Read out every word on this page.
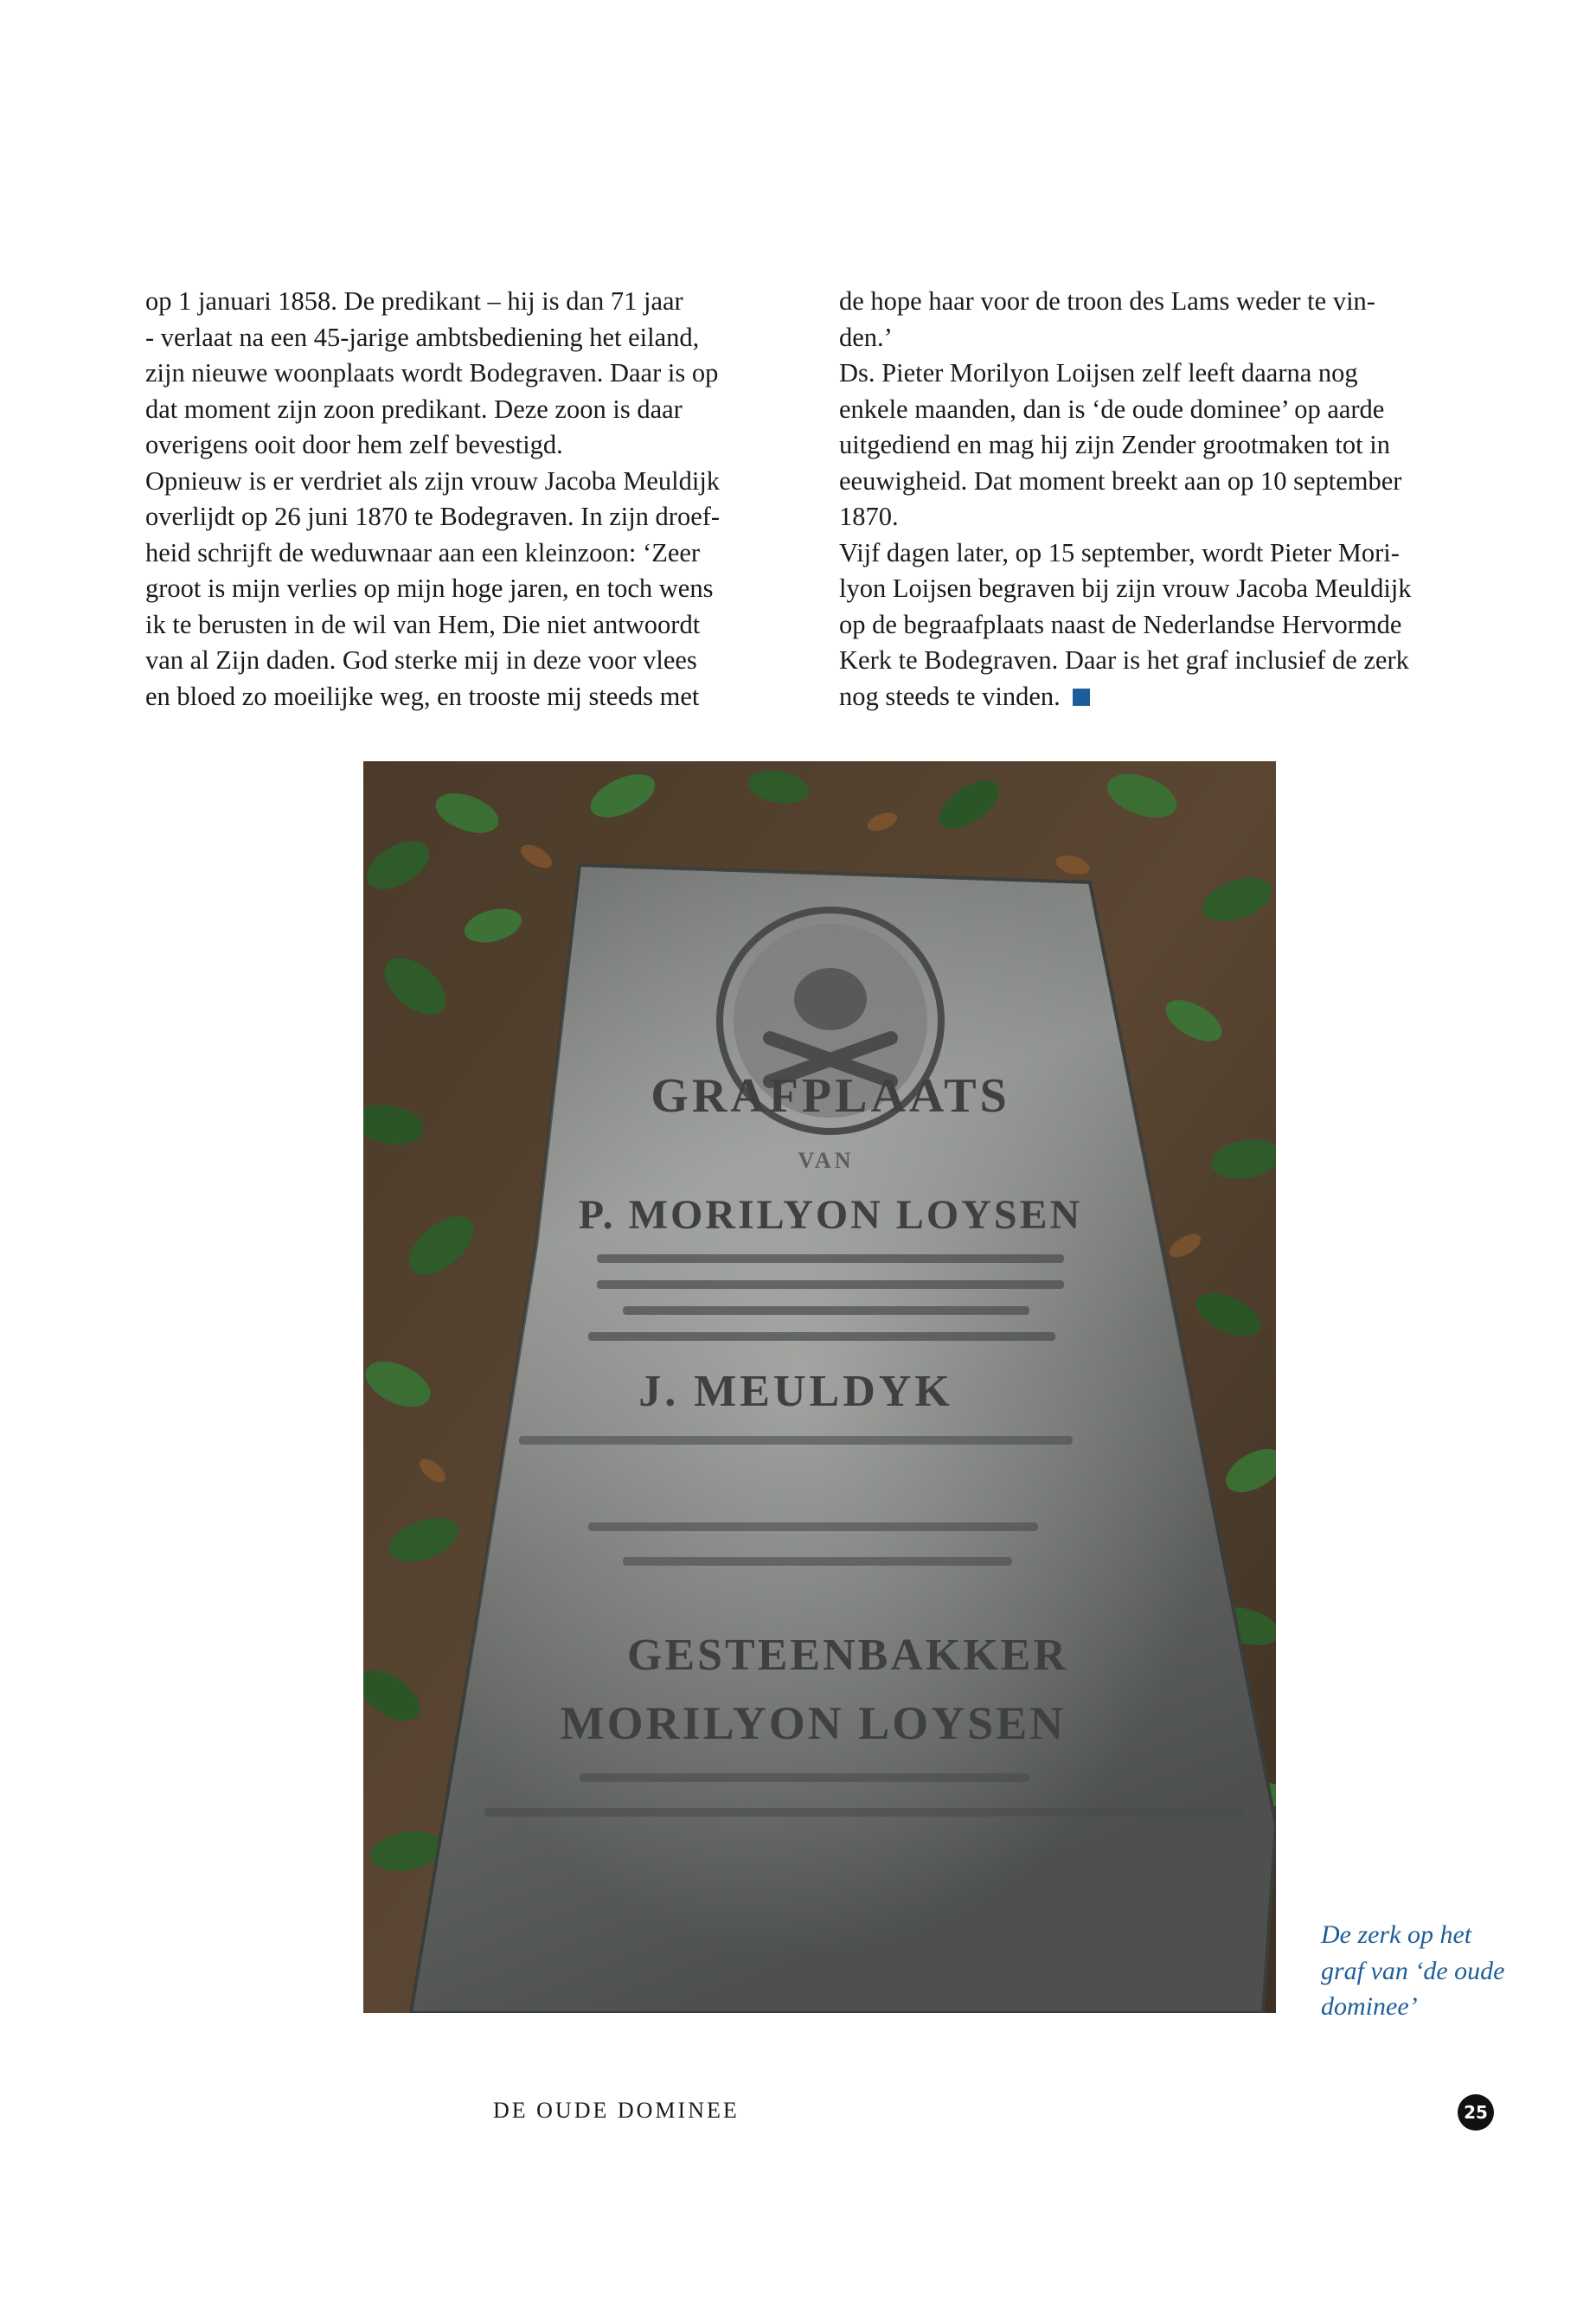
op 1 januari 1858. De predikant – hij is dan 71 jaar
- verlaat na een 45-jarige ambtsbediening het eiland,
zijn nieuwe woonplaats wordt Bodegraven. Daar is op
dat moment zijn zoon predikant. Deze zoon is daar
overigens ooit door hem zelf bevestigd.
Opnieuw is er verdriet als zijn vrouw Jacoba Meuldijk
overlijdt op 26 juni 1870 te Bodegraven. In zijn droef-
heid schrijft de weduwnaar aan een kleinzoon: ‘Zeer
groot is mijn verlies op mijn hoge jaren, en toch wens
ik te berusten in de wil van Hem, Die niet antwoordt
van al Zijn daden. God sterke mij in deze voor vlees
en bloed zo moeilijke weg, en trooste mij steeds met

de hope haar voor de troon des Lams weder te vin-
den.’
Ds. Pieter Morilyon Loijsen zelf leeft daarna nog
enkele maanden, dan is ‘de oude dominee’ op aarde
uitgediend en mag hij zijn Zender grootmaken tot in
eeuwigheid. Dat moment breekt aan op 10 september
1870.
Vijf dagen later, op 15 september, wordt Pieter Mori-
lyon Loijsen begraven bij zijn vrouw Jacoba Meuldijk
op de begraafplaats naast de Nederlandse Hervormde
Kerk te Bodegraven. Daar is het graf inclusief de zerk
nog steeds te vinden.

GRAFPLAATS
VAN
P. MORILYON LOYSEN
J. MEULDYK
GESTEENBAKKER
MORILYON LOYSEN
De zerk op het
graf van ‘de oude
dominee’
DE OUDE DOMINEE	25
